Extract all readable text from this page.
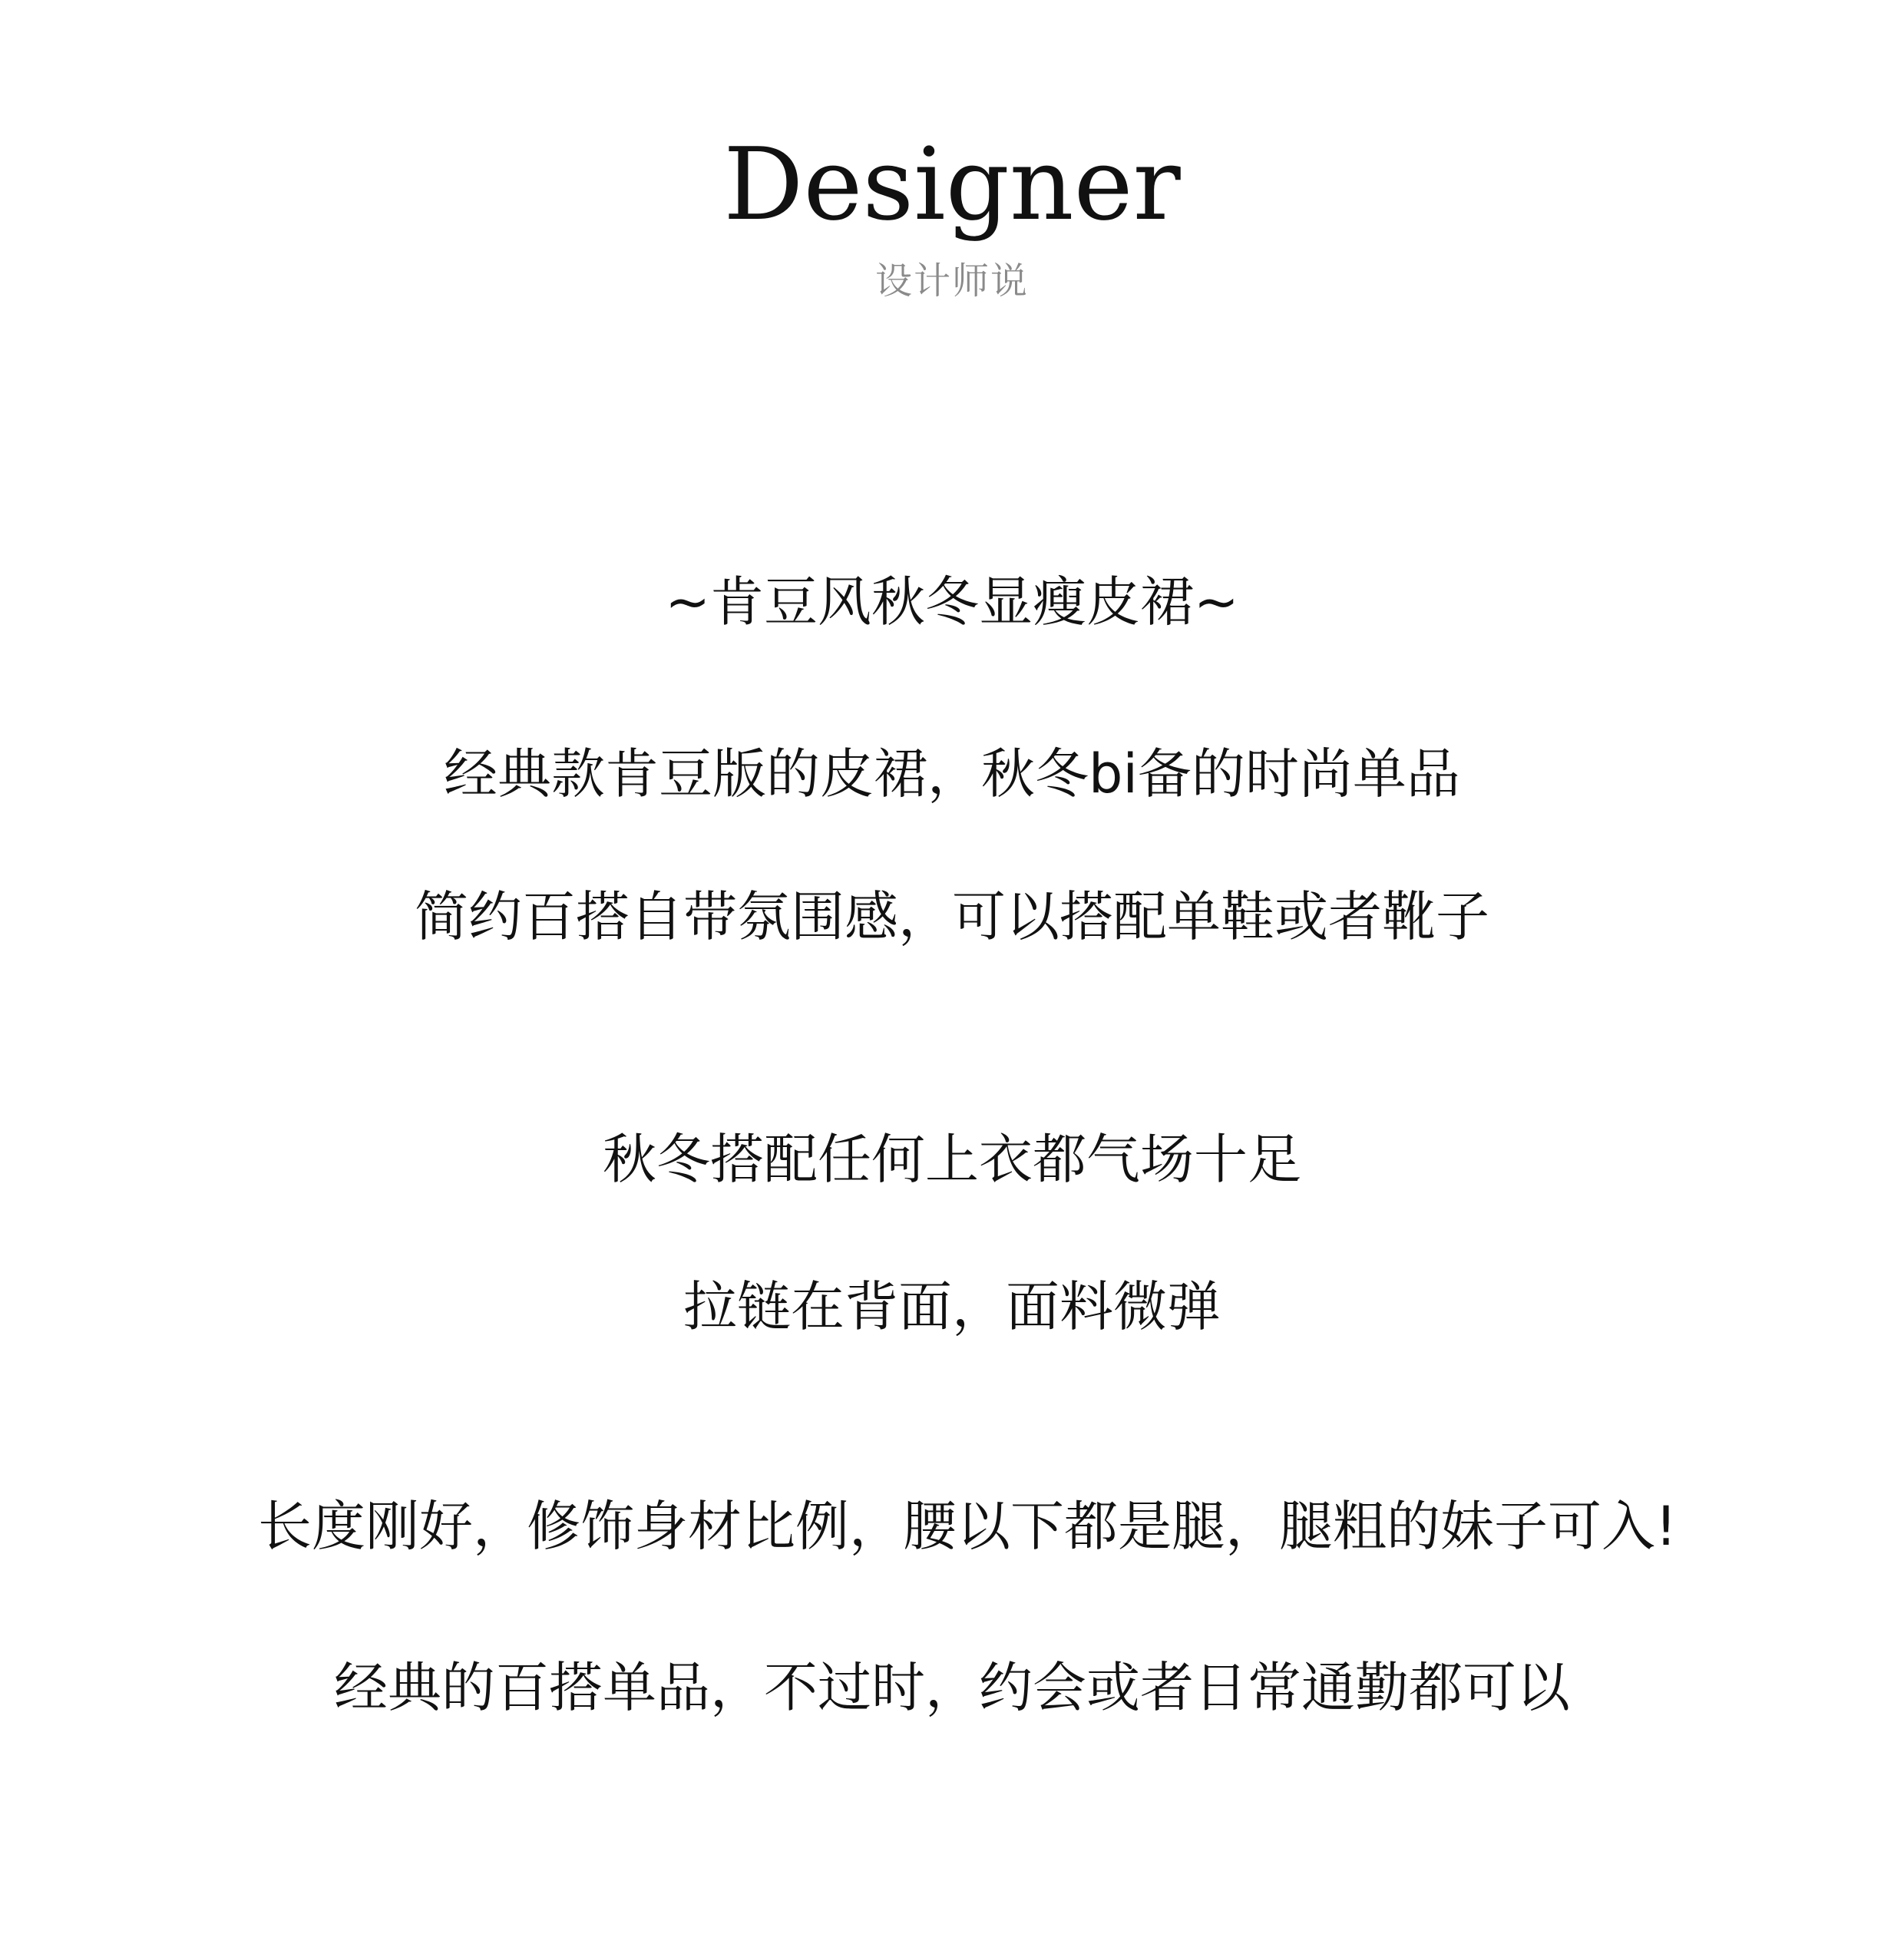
Designer
设计师说
~肯豆风秋冬显瘦皮裙~
经典款肯豆版的皮裙，秋冬bi备的时尚单品
简约百搭自带氛围感，可以搭配单鞋或者靴子
秋冬搭配任何上衣都气场十足
拉链在背面，面料微弹
长度刚好，修饰身材比例，腰以下都是腿，腿粗的妹子可入!
经典的百搭单品，不过时，约会或者日常通勤都可以
